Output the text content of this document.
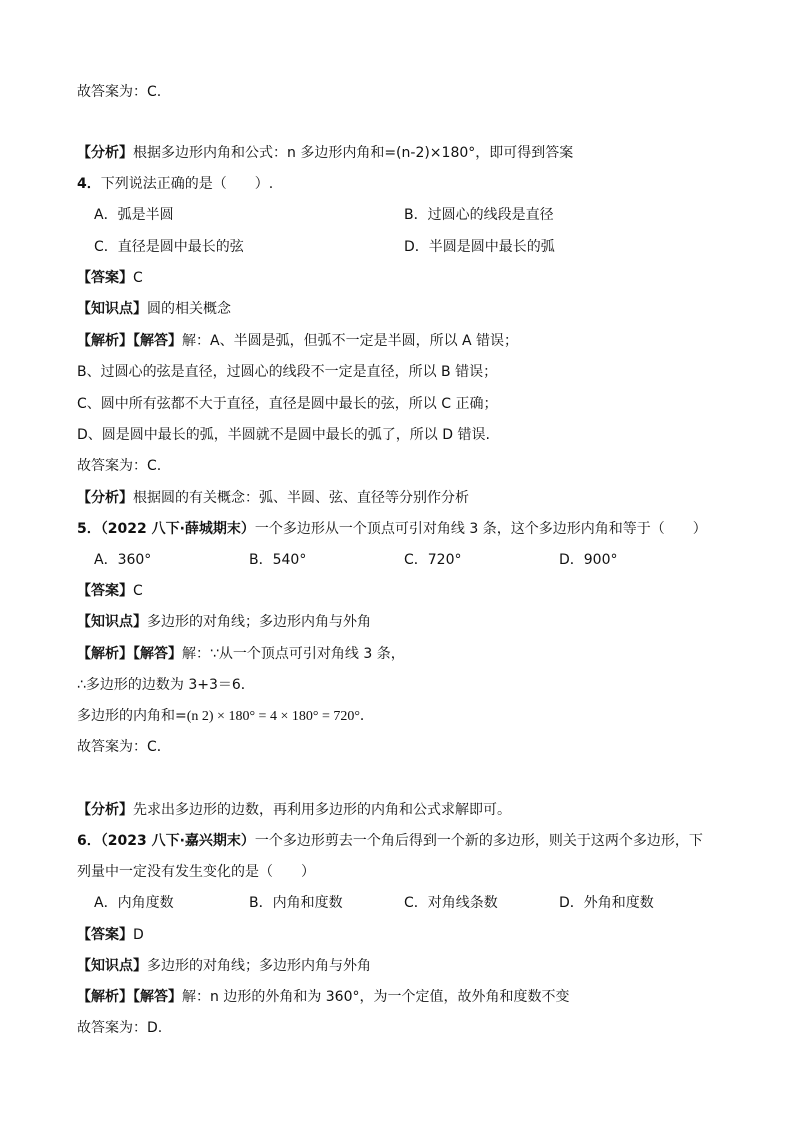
故答案为：C.
【分析】根据多边形内角和公式：n 多边形内角和=(n-2)×180°，即可得到答案
4．下列说法正确的是（　　）.
A．弧是半圆	B．过圆心的线段是直径
C．直径是圆中最长的弦	D．半圆是圆中最长的弧
【答案】C
【知识点】圆的相关概念
【解析】【解答】解：A、半圆是弧，但弧不一定是半圆，所以 A 错误；
B、过圆心的弦是直径，过圆心的线段不一定是直径，所以 B 错误；
C、圆中所有弦都不大于直径，直径是圆中最长的弦，所以 C 正确；
D、圆是圆中最长的弧，半圆就不是圆中最长的弧了，所以 D 错误.
故答案为：C.
【分析】根据圆的有关概念：弧、半圆、弦、直径等分别作分析
5．（2022 八下·薛城期末）一个多边形从一个顶点可引对角线 3 条，这个多边形内角和等于（　　）
A．360°	B．540°	C．720°	D．900°
【答案】C
【知识点】多边形的对角线；多边形内角与外角
【解析】【解答】解：∵从一个顶点可引对角线 3 条，
∴多边形的边数为 3+3＝6．
多边形的内角和=(n 2) × 180° = 4 × 180° = 720°．
故答案为：C．
【分析】先求出多边形的边数，再利用多边形的内角和公式求解即可。
6．（2023 八下·嘉兴期末）一个多边形剪去一个角后得到一个新的多边形，则关于这两个多边形，下
列量中一定没有发生变化的是（　　）
A．内角度数	B．内角和度数	C．对角线条数	D．外角和度数
【答案】D
【知识点】多边形的对角线；多边形内角与外角
【解析】【解答】解：n 边形的外角和为 360°，为一个定值，故外角和度数不变
故答案为：D.
